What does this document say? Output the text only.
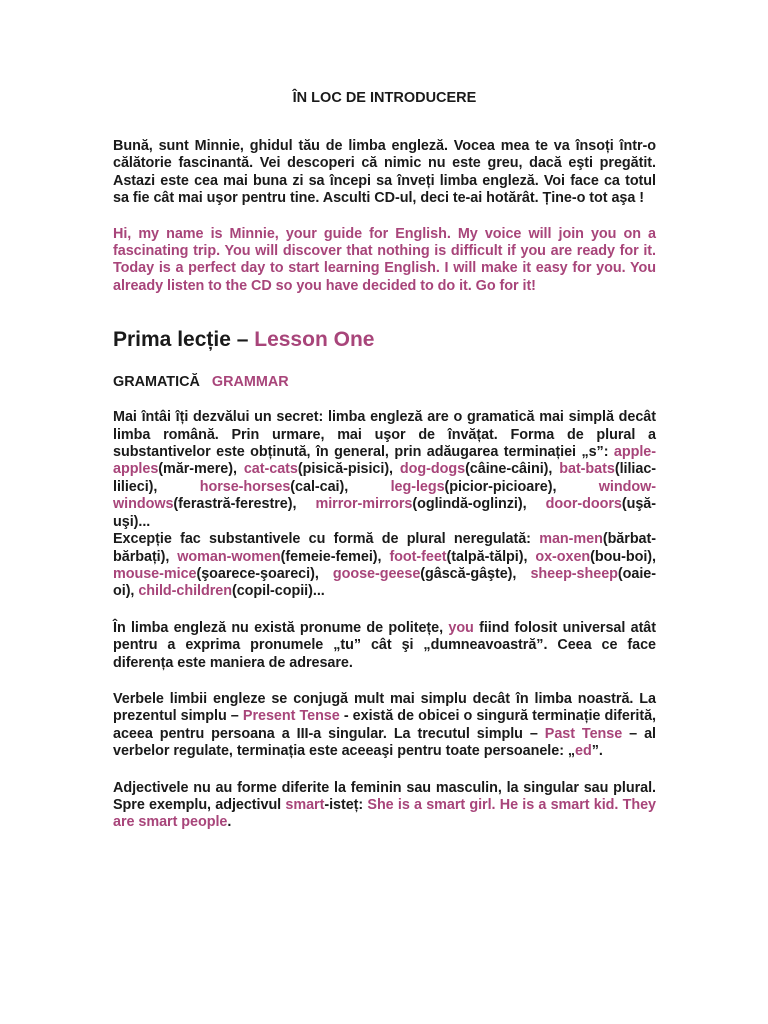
ÎN LOC DE INTRODUCERE

Bună, sunt Minnie, ghidul tău de limba engleză. Vocea mea te va însoți într-o călătorie fascinantă. Vei descoperi că nimic nu este greu, dacă eşti pregătit. Astazi este cea mai buna zi sa începi sa înveți limba engleză. Voi face ca totul sa fie cât mai uşor pentru tine. Asculti CD-ul, deci te-ai hotărât. Ține-o tot aşa !

Hi, my name is Minnie, your guide for English. My voice will join you on a fascinating trip. You will discover that nothing is difficult if you are ready for it. Today is a perfect day to start learning English. I will make it easy for you. You already listen to the CD so you have decided to do it. Go for it!

Prima lecție – Lesson One
GRAMATICĂ GRAMMAR

Mai întâi îți dezvălui un secret: limba engleză are o gramatică mai simplă decât limba română. Prin urmare, mai uşor de învățat. Forma de plural a substantivelor este obținută, în general, prin adăugarea terminației „s”: apple-apples(măr-mere), cat-cats(pisică-pisici), dog-dogs(câine-câini), bat-bats(liliac-lilieci), horse-horses(cal-cai), leg-legs(picior-picioare), window-windows(ferastră-ferestre), mirror-mirrors(oglindă-oglinzi), door-doors(uşă-uşi)...
Excepție fac substantivele cu formă de plural neregulată: man-men(bărbat-bărbați), woman-women(femeie-femei), foot-feet(talpă-tălpi), ox-oxen(bou-boi), mouse-mice(şoarece-şoareci), goose-geese(gâscă-gâşte), sheep-sheep(oaie-oi), child-children(copil-copii)...

În limba engleză nu există pronume de politețe, you fiind folosit universal atât pentru a exprima pronumele „tu” cât şi „dumneavoastră”. Ceea ce face diferența este maniera de adresare.

Verbele limbii engleze se conjugă mult mai simplu decât în limba noastră. La prezentul simplu – Present Tense - există de obicei o singură terminație diferită, aceea pentru persoana a III-a singular. La trecutul simplu – Past Tense – al verbelor regulate, terminația este aceeaşi pentru toate persoanele: „ed”.

Adjectivele nu au forme diferite la feminin sau masculin, la singular sau plural. Spre exemplu, adjectivul smart-isteț: She is a smart girl. He is a smart kid. They are smart people.
